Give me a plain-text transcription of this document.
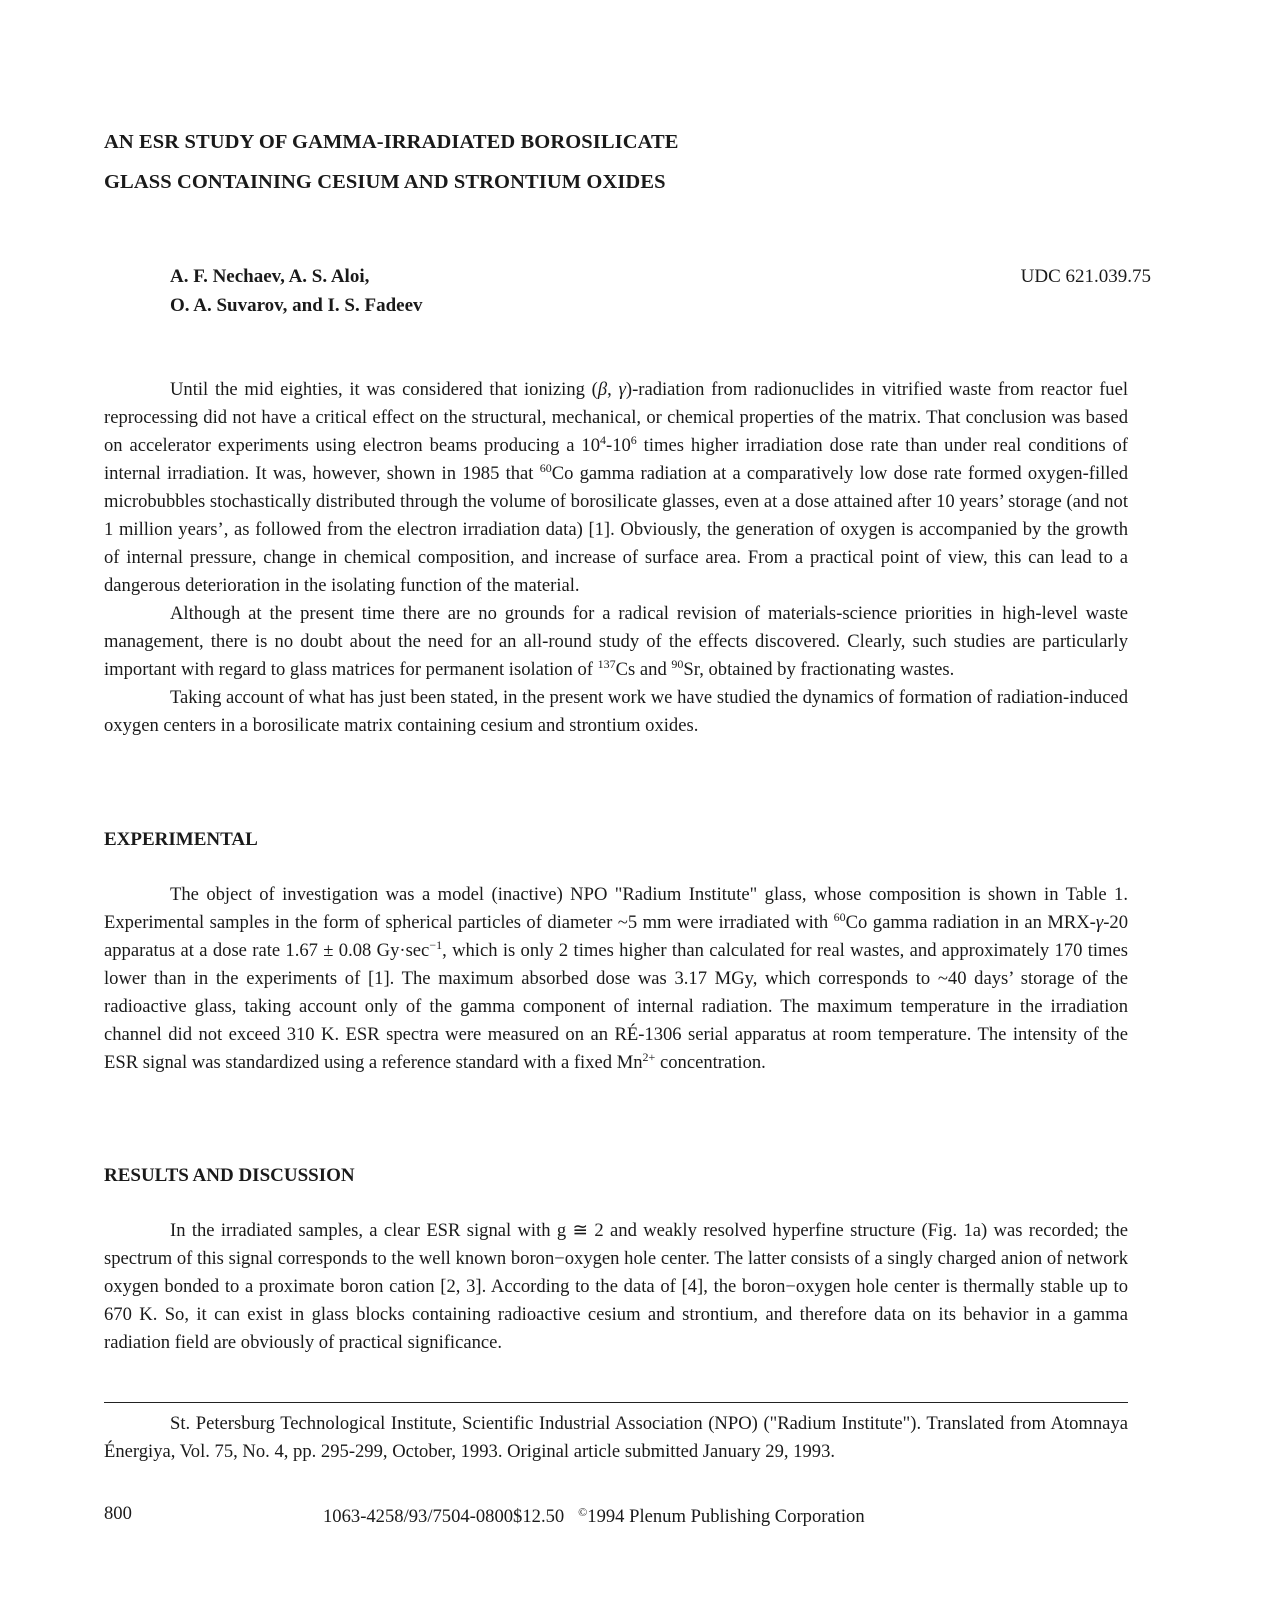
AN ESR STUDY OF GAMMA-IRRADIATED BOROSILICATE
GLASS CONTAINING CESIUM AND STRONTIUM OXIDES
A. F. Nechaev, A. S. Aloi,
O. A. Suvarov, and I. S. Fadeev
UDC 621.039.75

Until the mid eighties, it was considered that ionizing (β, γ)-radiation from radionuclides in vitrified waste from reactor fuel reprocessing did not have a critical effect on the structural, mechanical, or chemical properties of the matrix. That conclusion was based on accelerator experiments using electron beams producing a $10^4-10^6$ times higher irradiation dose rate than under real conditions of internal irradiation. It was, however, shown in 1985 that $^{60}$Co gamma radiation at a comparatively low dose rate formed oxygen-filled microbubbles stochastically distributed through the volume of borosilicate glasses, even at a dose attained after 10 years’ storage (and not 1 million years’, as followed from the electron irradiation data) [1]. Obviously, the generation of oxygen is accompanied by the growth of internal pressure, change in chemical composition, and increase of surface area. From a practical point of view, this can lead to a dangerous deterioration in the isolating function of the material.

Although at the present time there are no grounds for a radical revision of materials-science priorities in high-level waste management, there is no doubt about the need for an all-round study of the effects discovered. Clearly, such studies are particularly important with regard to glass matrices for permanent isolation of $^{137}$Cs and $^{90}$Sr, obtained by fractionating wastes.

Taking account of what has just been stated, in the present work we have studied the dynamics of formation of radiation-induced oxygen centers in a borosilicate matrix containing cesium and strontium oxides.

EXPERIMENTAL

The object of investigation was a model (inactive) NPO "Radium Institute" glass, whose composition is shown in Table 1. Experimental samples in the form of spherical particles of diameter ~5 mm were irradiated with $^{60}$Co gamma radiation in an MRX-γ-20 apparatus at a dose rate 1.67 ± 0.08 $Gy\cdot\sec^{-1}$, which is only 2 times higher than calculated for real wastes, and approximately 170 times lower than in the experiments of [1]. The maximum absorbed dose was 3.17 MGy, which corresponds to ~40 days’ storage of the radioactive glass, taking account only of the gamma component of internal radiation. The maximum temperature in the irradiation channel did not exceed 310 K. ESR spectra were measured on an RÉ-1306 serial apparatus at room temperature. The intensity of the ESR signal was standardized using a reference standard with a fixed $Mn^{2+}$ concentration.

RESULTS AND DISCUSSION

In the irradiated samples, a clear ESR signal with g ≅ 2 and weakly resolved hyperfine structure (Fig. 1a) was recorded; the spectrum of this signal corresponds to the well known boron−oxygen hole center. The latter consists of a singly charged anion of network oxygen bonded to a proximate boron cation [2, 3]. According to the data of [4], the boron−oxygen hole center is thermally stable up to 670 K. So, it can exist in glass blocks containing radioactive cesium and strontium, and therefore data on its behavior in a gamma radiation field are obviously of practical significance.

St. Petersburg Technological Institute, Scientific Industrial Association (NPO) ("Radium Institute"). Translated from Atomnaya Énergiya, Vol. 75, No. 4, pp. 295-299, October, 1993. Original article submitted January 29, 1993.

800	1063-4258/93/7504-0800$12.50 ©1994 Plenum Publishing Corporation
